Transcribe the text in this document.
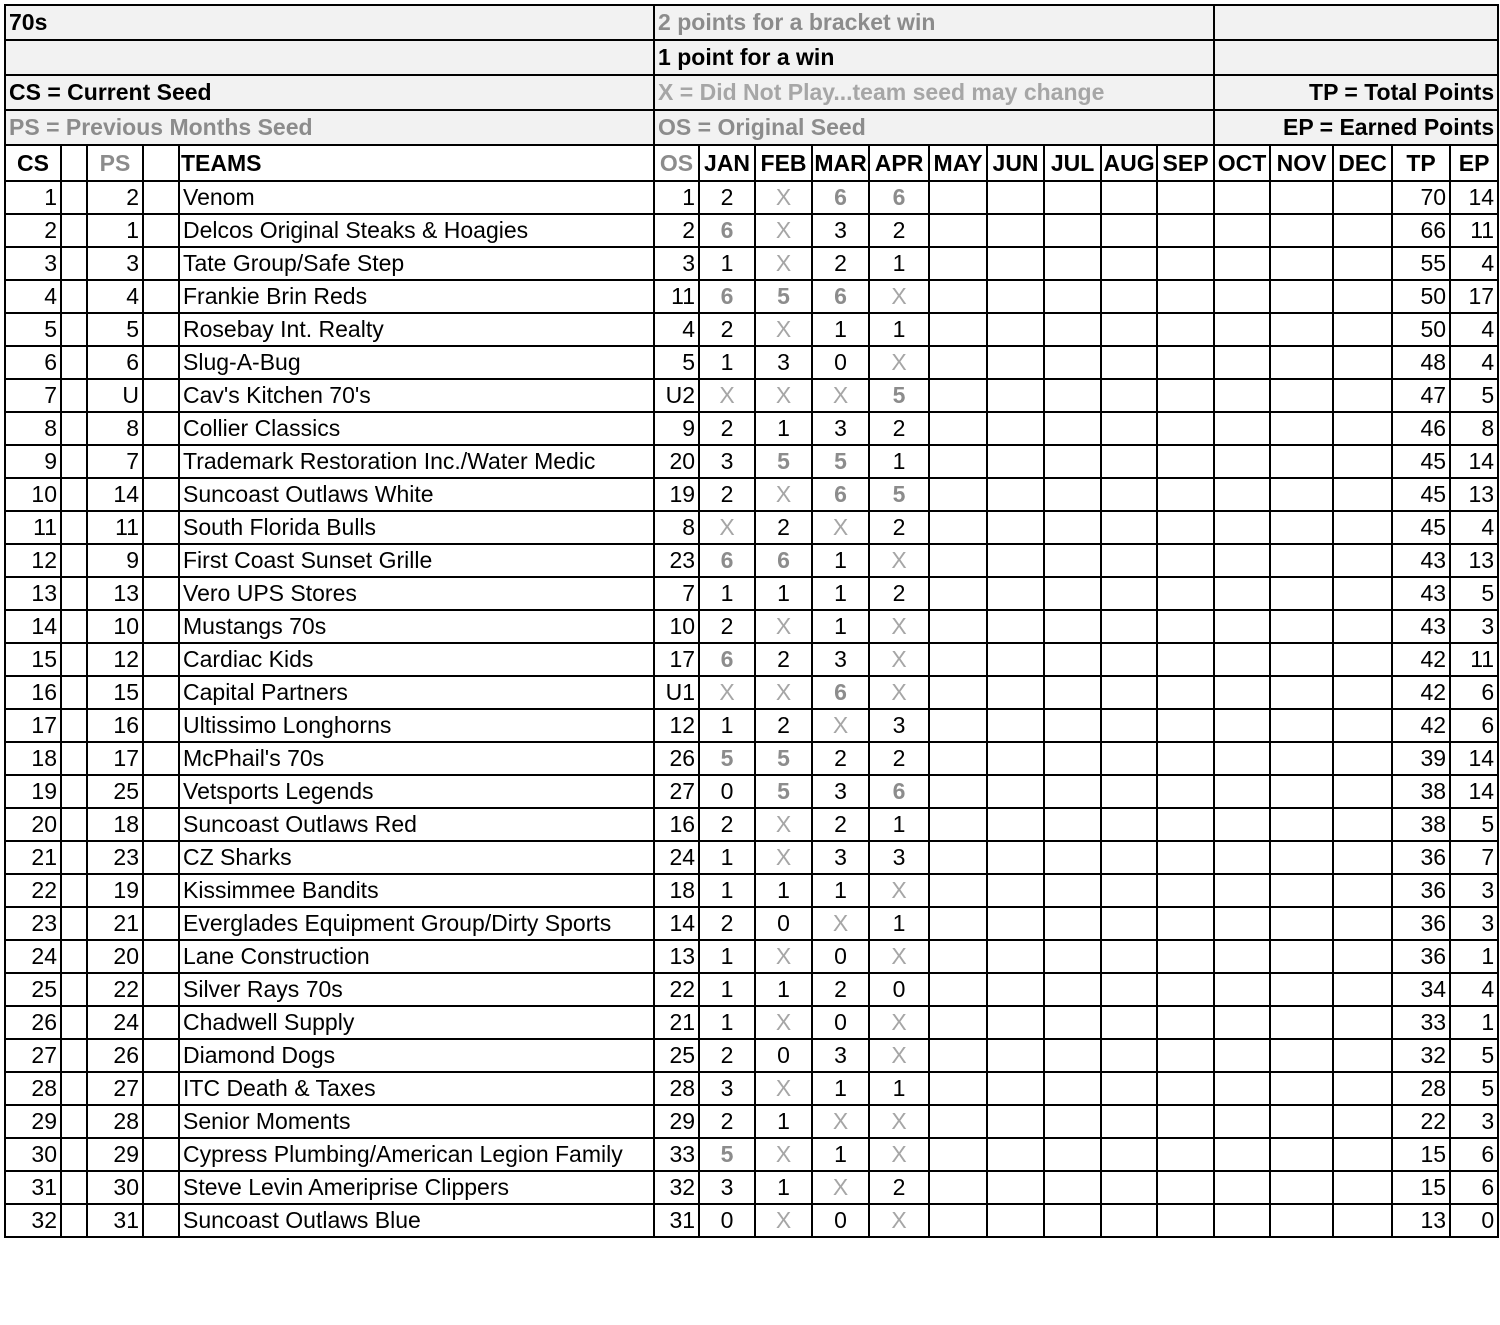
70s					2 points for a bracket win														
					1 point for a win														
CS = Current Seed					X = Did Not Play...team seed may change										TP = Total Points				
PS = Previous Months Seed					OS = Original Seed										EP = Earned Points				
CS		PS		TEAMS	OS	JAN	FEB	MAR	APR	MAY	JUN	JUL	AUG	SEP	OCT	NOV	DEC	TP	EP
1		2		Venom	1	2	X	6	6									70	14
2		1		Delcos Original Steaks & Hoagies	2	6	X	3	2									66	11
3		3		Tate Group/Safe Step	3	1	X	2	1									55	4
4		4		Frankie Brin Reds	11	6	5	6	X									50	17
5		5		Rosebay Int. Realty	4	2	X	1	1									50	4
6		6		Slug-A-Bug	5	1	3	0	X									48	4
7		U		Cav's Kitchen 70's	U2	X	X	X	5									47	5
8		8		Collier Classics	9	2	1	3	2									46	8
9		7		Trademark Restoration Inc./Water Medic	20	3	5	5	1									45	14
10		14		Suncoast Outlaws White	19	2	X	6	5									45	13
11		11		South Florida Bulls	8	X	2	X	2									45	4
12		9		First Coast Sunset Grille	23	6	6	1	X									43	13
13		13		Vero UPS Stores	7	1	1	1	2									43	5
14		10		Mustangs 70s	10	2	X	1	X									43	3
15		12		Cardiac Kids	17	6	2	3	X									42	11
16		15		Capital Partners	U1	X	X	6	X									42	6
17		16		Ultissimo Longhorns	12	1	2	X	3									42	6
18		17		McPhail's 70s	26	5	5	2	2									39	14
19		25		Vetsports Legends	27	0	5	3	6									38	14
20		18		Suncoast Outlaws Red	16	2	X	2	1									38	5
21		23		CZ Sharks	24	1	X	3	3									36	7
22		19		Kissimmee Bandits	18	1	1	1	X									36	3
23		21		Everglades Equipment Group/Dirty Sports	14	2	0	X	1									36	3
24		20		Lane Construction	13	1	X	0	X									36	1
25		22		Silver Rays 70s	22	1	1	2	0									34	4
26		24		Chadwell Supply	21	1	X	0	X									33	1
27		26		Diamond Dogs	25	2	0	3	X									32	5
28		27		ITC Death & Taxes	28	3	X	1	1									28	5
29		28		Senior Moments	29	2	1	X	X									22	3
30		29		Cypress Plumbing/American Legion Family	33	5	X	1	X									15	6
31		30		Steve Levin Ameriprise Clippers	32	3	1	X	2									15	6
32		31		Suncoast Outlaws Blue	31	0	X	0	X									13	0
